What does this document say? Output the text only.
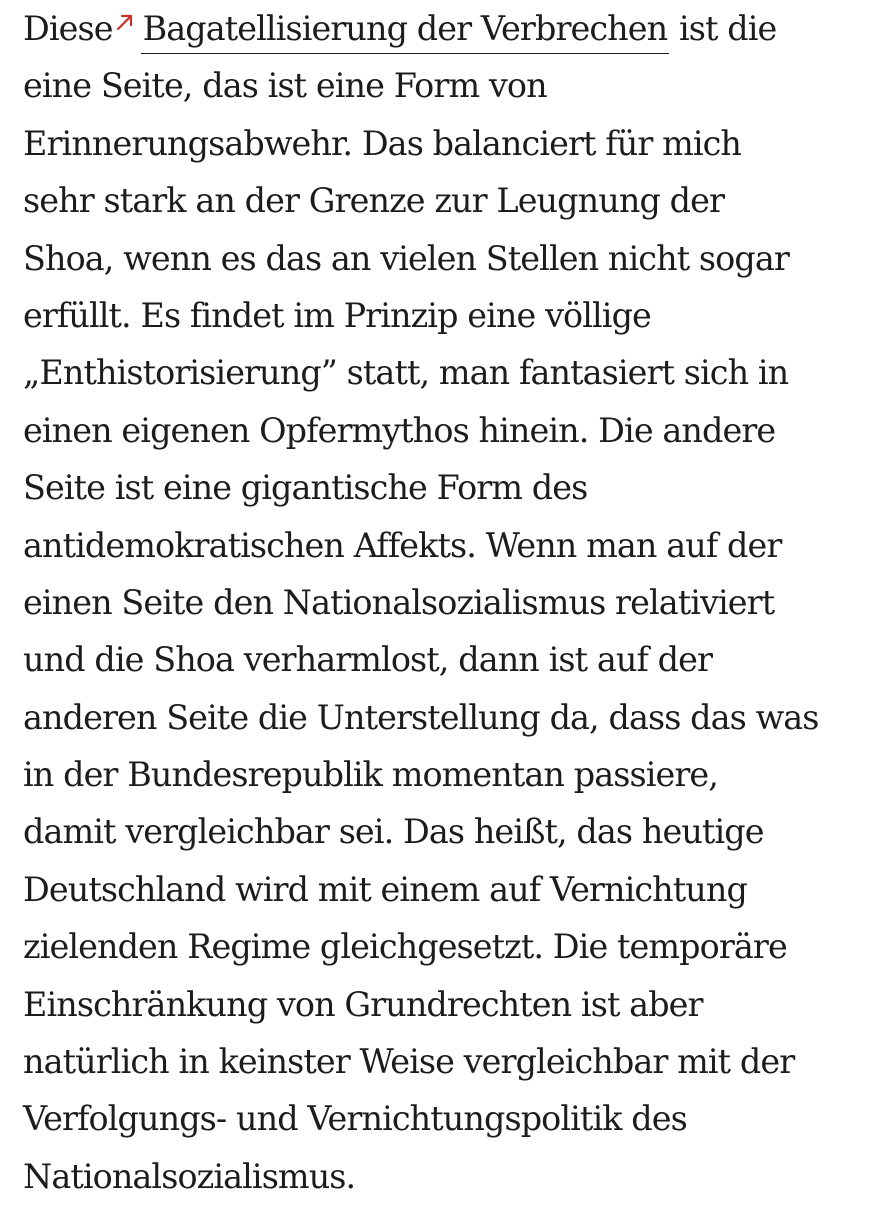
Diese Bagatellisierung der Verbrechen ist die
eine Seite, das ist eine Form von
Erinnerungsabwehr. Das balanciert für mich
sehr stark an der Grenze zur Leugnung der
Shoa, wenn es das an vielen Stellen nicht sogar
erfüllt. Es findet im Prinzip eine völlige
„Enthistorisierung” statt, man fantasiert sich in
einen eigenen Opfermythos hinein. Die andere
Seite ist eine gigantische Form des
antidemokratischen Affekts. Wenn man auf der
einen Seite den Nationalsozialismus relativiert
und die Shoa verharmlost, dann ist auf der
anderen Seite die Unterstellung da, dass das was
in der Bundesrepublik momentan passiere,
damit vergleichbar sei. Das heißt, das heutige
Deutschland wird mit einem auf Vernichtung
zielenden Regime gleichgesetzt. Die temporäre
Einschränkung von Grundrechten ist aber
natürlich in keinster Weise vergleichbar mit der
Verfolgungs- und Vernichtungspolitik des
Nationalsozialismus.
